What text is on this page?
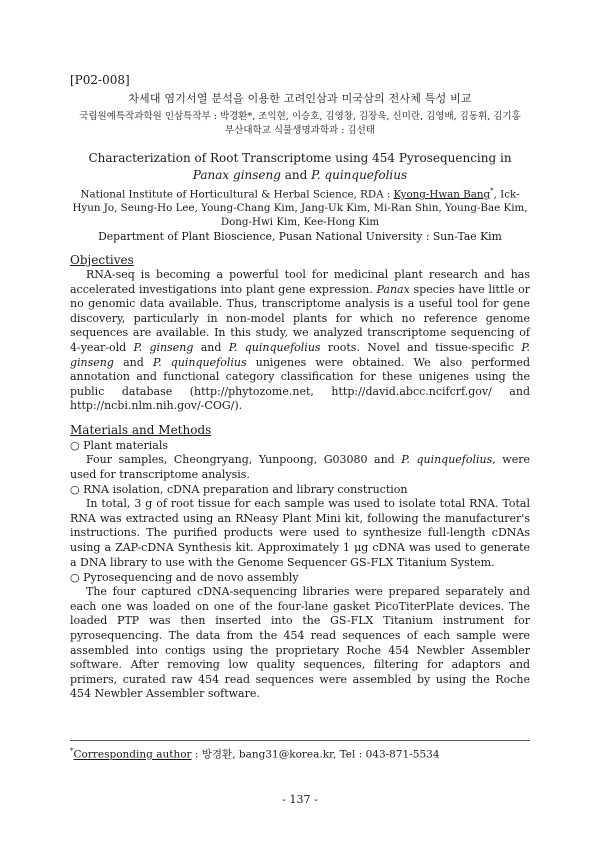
[P02-008]
차세대 염기서열 분석을 이용한 고려인삼과 미국삼의 전사체 특성 비교
국립원예특작과학원 인삼특작부 : 박경환*, 조익현, 이승호, 김영창, 김장욱, 신미란, 김영배, 김동휘, 김기홍
부산대학교 식물생명과학과 : 김선태
Characterization of Root Transcriptome using 454 Pyrosequencing in
Panax ginseng and P. quinquefolius
National Institute of Horticultural & Herbal Science, RDA : Kyong-Hwan Bang*, Ick-Hyun Jo, Seung-Ho Lee, Young-Chang Kim, Jang-Uk Kim, Mi-Ran Shin, Young-Bae Kim, Dong-Hwi Kim, Kee-Hong Kim
Department of Plant Bioscience, Pusan National University : Sun-Tae Kim
Objectives
RNA-seq is becoming a powerful tool for medicinal plant research and has accelerated investigations into plant gene expression. Panax species have little or no genomic data available. Thus, transcriptome analysis is a useful tool for gene discovery, particularly in non-model plants for which no reference genome sequences are available. In this study, we analyzed transcriptome sequencing of 4-year-old P. ginseng and P. quinquefolius roots. Novel and tissue-specific P. ginseng and P. quinquefolius unigenes were obtained. We also performed annotation and functional category classification for these unigenes using the public database (http://phytozome.net, http://david.abcc.ncifcrf.gov/ and http://ncbi.nlm.nih.gov/-COG/).
Materials and Methods
○ Plant materials
Four samples, Cheongryang, Yunpoong, G03080 and P. quinquefolius, were used for transcriptome analysis.
○ RNA isolation, cDNA preparation and library construction
In total, 3 g of root tissue for each sample was used to isolate total RNA. Total RNA was extracted using an RNeasy Plant Mini kit, following the manufacturer's instructions. The purified products were used to synthesize full-length cDNAs using a ZAP-cDNA Synthesis kit. Approximately 1 μg cDNA was used to generate a DNA library to use with the Genome Sequencer GS-FLX Titanium System.
○ Pyrosequencing and de novo assembly
The four captured cDNA-sequencing libraries were prepared separately and each one was loaded on one of the four-lane gasket PicoTiterPlate devices. The loaded PTP was then inserted into the GS-FLX Titanium instrument for pyrosequencing. The data from the 454 read sequences of each sample were assembled into contigs using the proprietary Roche 454 Newbler Assembler software. After removing low quality sequences, filtering for adaptors and primers, curated raw 454 read sequences were assembled by using the Roche 454 Newbler Assembler software.
*Corresponding author : 방경환, bang31@korea.kr, Tel : 043-871-5534
- 137 -
